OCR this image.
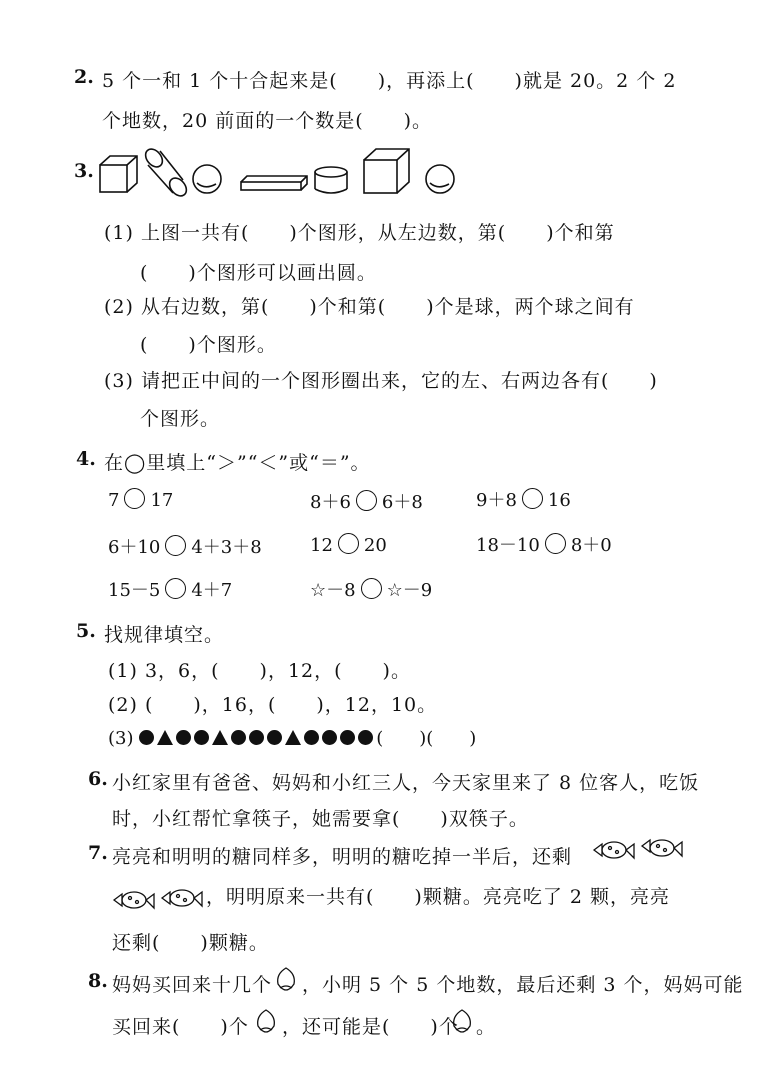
2. 5 个一和 1 个十合起来是(　　)，再添上(　　)就是 20。2 个 2
个地数，20 前面的一个数是(　　)。
3.
(1) 上图一共有(　　)个图形，从左边数，第(　　)个和第
(　　)个图形可以画出圆。
(2) 从右边数，第(　　)个和第(　　)个是球，两个球之间有
(　　)个图形。
(3) 请把正中间的一个图形圈出来，它的左、右两边各有(　　)
个图形。
4. 在◯里填上“＞”“＜”或“＝”。
7 17	8＋6 6＋8	9＋8 16
6＋10 4＋3＋8	12 20	18－10 8＋0
15－5 4＋7	☆－8 ☆－9
5. 找规律填空。
(1) 3，6，(　　)，12，(　　)。
(2) (　　)，16，(　　)，12，10。
(3)	(　　)(　　)
6. 小红家里有爸爸、妈妈和小红三人，今天家里来了 8 位客人，吃饭
时，小红帮忙拿筷子，她需要拿(　　)双筷子。
7. 亮亮和明明的糖同样多，明明的糖吃掉一半后，还剩
，明明原来一共有(　　)颗糖。亮亮吃了 2 颗，亮亮
还剩(　　)颗糖。
8. 妈妈买回来十几个 ，小明 5 个 5 个地数，最后还剩 3 个，妈妈可能
买回来(　　)个 ，还可能是(　　)个 。
